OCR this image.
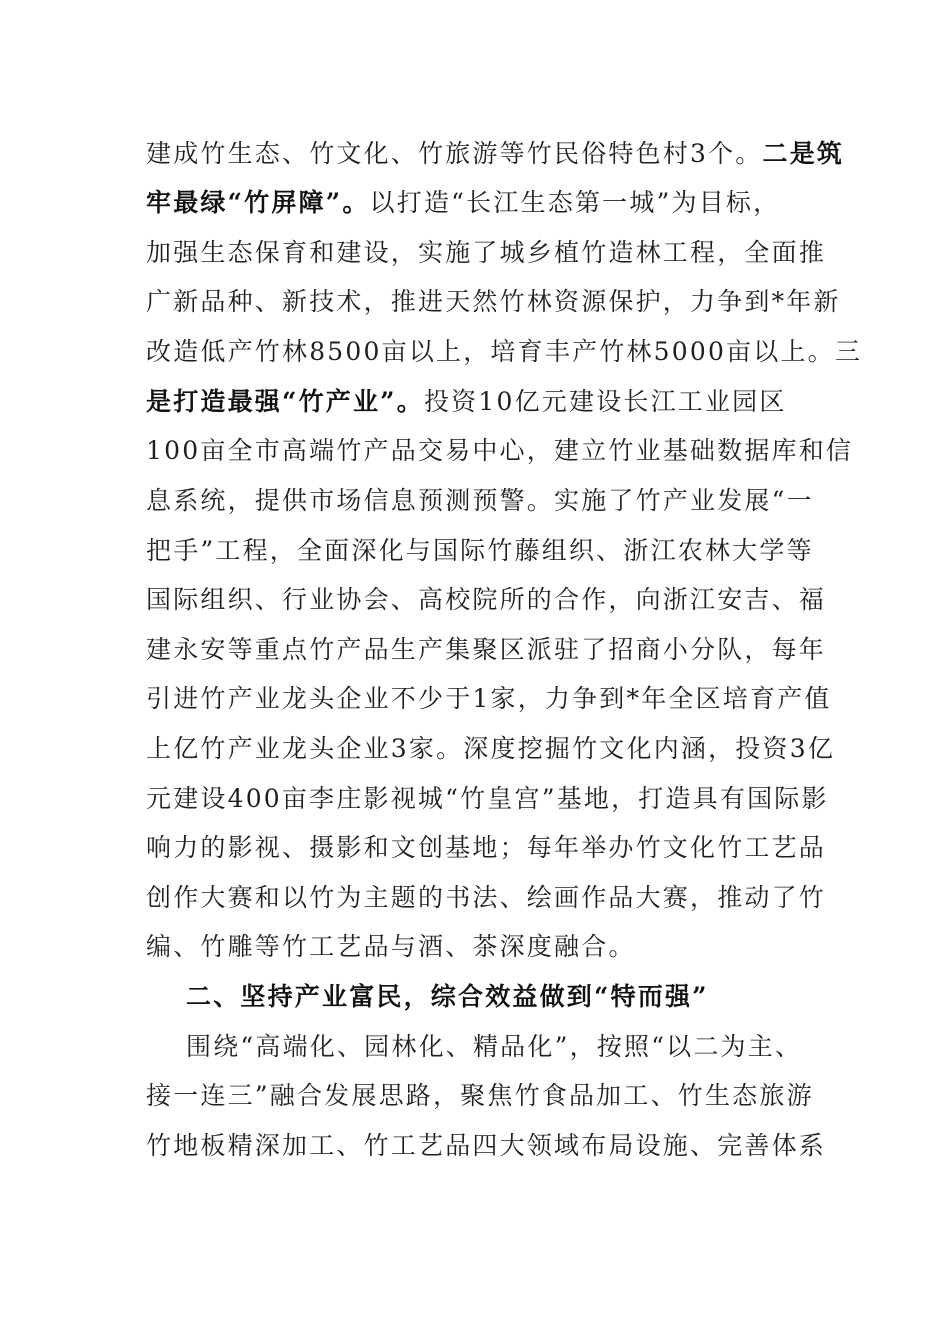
建成竹生态、竹文化、竹旅游等竹民俗特色村3个。二是筑
牢最绿“竹屏障”。以打造“长江生态第一城”为目标，
加强生态保育和建设，实施了城乡植竹造林工程，全面推
广新品种、新技术，推进天然竹林资源保护，力争到*年新
改造低产竹林8500亩以上，培育丰产竹林5000亩以上。三
是打造最强“竹产业”。投资10亿元建设长江工业园区
100亩全市高端竹产品交易中心，建立竹业基础数据库和信
息系统，提供市场信息预测预警。实施了竹产业发展“一
把手”工程，全面深化与国际竹藤组织、浙江农林大学等
国际组织、行业协会、高校院所的合作，向浙江安吉、福
建永安等重点竹产品生产集聚区派驻了招商小分队，每年
引进竹产业龙头企业不少于1家，力争到*年全区培育产值
上亿竹产业龙头企业3家。深度挖掘竹文化内涵，投资3亿
元建设400亩李庄影视城“竹皇宫”基地，打造具有国际影
响力的影视、摄影和文创基地；每年举办竹文化竹工艺品
创作大赛和以竹为主题的书法、绘画作品大赛，推动了竹
编、竹雕等竹工艺品与酒、茶深度融合。
二、坚持产业富民，综合效益做到“特而强”
围绕“高端化、园林化、精品化”，按照“以二为主、
接一连三”融合发展思路，聚焦竹食品加工、竹生态旅游
竹地板精深加工、竹工艺品四大领域布局设施、完善体系
